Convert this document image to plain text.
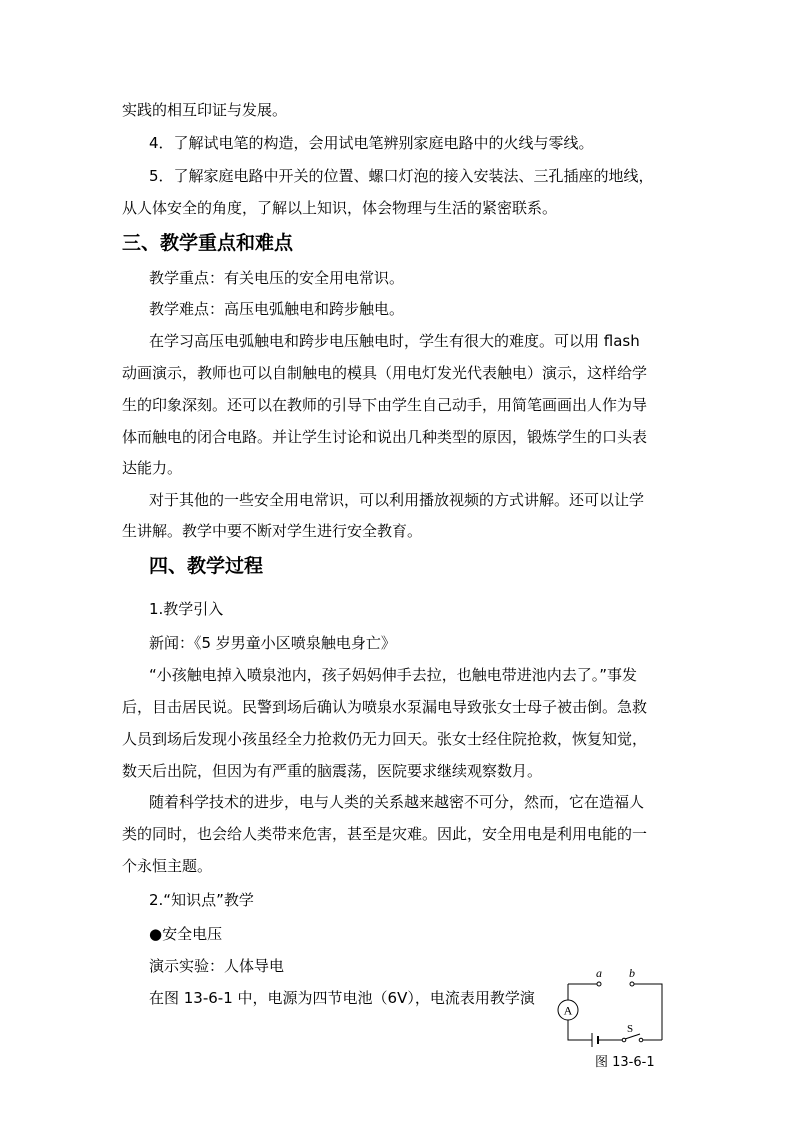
实践的相互印证与发展。
4．了解试电笔的构造，会用试电笔辨别家庭电路中的火线与零线。
5．了解家庭电路中开关的位置、螺口灯泡的接入安装法、三孔插座的地线，
从人体安全的角度，了解以上知识，体会物理与生活的紧密联系。
三、教学重点和难点
教学重点：有关电压的安全用电常识。
教学难点：高压电弧触电和跨步触电。
在学习高压电弧触电和跨步电压触电时，学生有很大的难度。可以用 flash
动画演示，教师也可以自制触电的模具（用电灯发光代表触电）演示，这样给学
生的印象深刻。还可以在教师的引导下由学生自己动手，用简笔画画出人作为导
体而触电的闭合电路。并让学生讨论和说出几种类型的原因，锻炼学生的口头表
达能力。
对于其他的一些安全用电常识，可以利用播放视频的方式讲解。还可以让学
生讲解。教学中要不断对学生进行安全教育。
四、教学过程
1.教学引入
新闻：《5 岁男童小区喷泉触电身亡》
“小孩触电掉入喷泉池内，孩子妈妈伸手去拉，也触电带进池内去了。”事发
后，目击居民说。民警到场后确认为喷泉水泵漏电导致张女士母子被击倒。急救
人员到场后发现小孩虽经全力抢救仍无力回天。张女士经住院抢救，恢复知觉，
数天后出院，但因为有严重的脑震荡，医院要求继续观察数月。
随着科学技术的进步，电与人类的关系越来越密不可分，然而，它在造福人
类的同时，也会给人类带来危害，甚至是灾难。因此，安全用电是利用电能的一
个永恒主题。
2.“知识点”教学
●安全电压
演示实验：人体导电
在图 13-6-1 中，电源为四节电池（6V），电流表用教学演
A
a b
S
图 13-6-1
